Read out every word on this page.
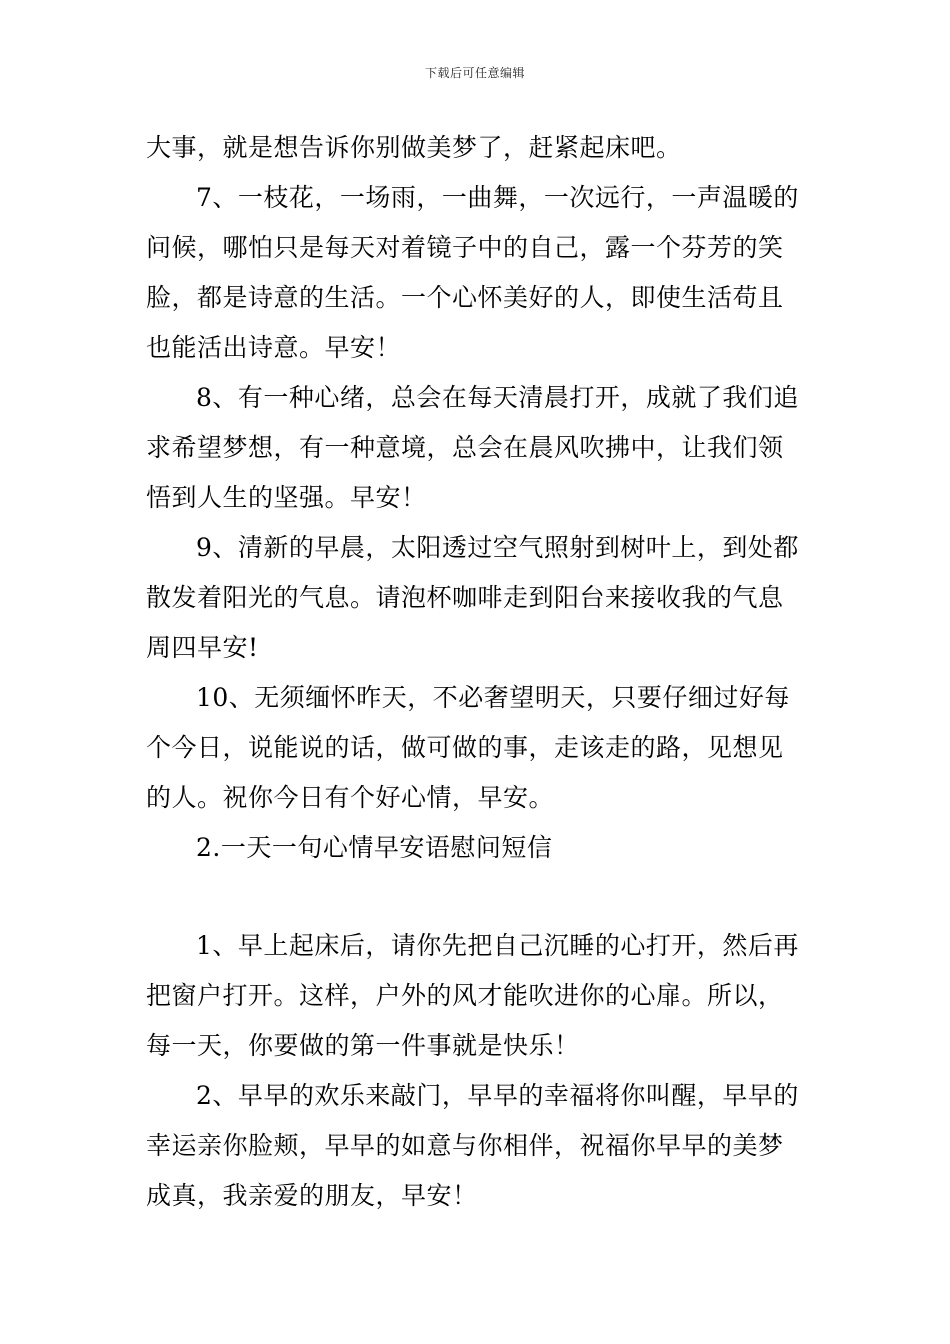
下载后可任意编辑
大事，就是想告诉你别做美梦了，赶紧起床吧。
7、一枝花，一场雨，一曲舞，一次远行，一声温暖的
问候，哪怕只是每天对着镜子中的自己，露一个芬芳的笑
脸，都是诗意的生活。一个心怀美好的人，即使生活苟且
也能活出诗意。早安！
8、有一种心绪，总会在每天清晨打开，成就了我们追
求希望梦想，有一种意境，总会在晨风吹拂中，让我们领
悟到人生的坚强。早安！
9、清新的早晨，太阳透过空气照射到树叶上，到处都
散发着阳光的气息。请泡杯咖啡走到阳台来接收我的气息
周四早安!
10、无须缅怀昨天，不必奢望明天，只要仔细过好每
个今日，说能说的话，做可做的事，走该走的路，见想见
的人。祝你今日有个好心情，早安。
2.一天一句心情早安语慰问短信
1、早上起床后，请你先把自己沉睡的心打开，然后再
把窗户打开。这样，户外的风才能吹进你的心扉。所以，
每一天，你要做的第一件事就是快乐！
2、早早的欢乐来敲门，早早的幸福将你叫醒，早早的
幸运亲你脸颊，早早的如意与你相伴，祝福你早早的美梦
成真，我亲爱的朋友，早安！
